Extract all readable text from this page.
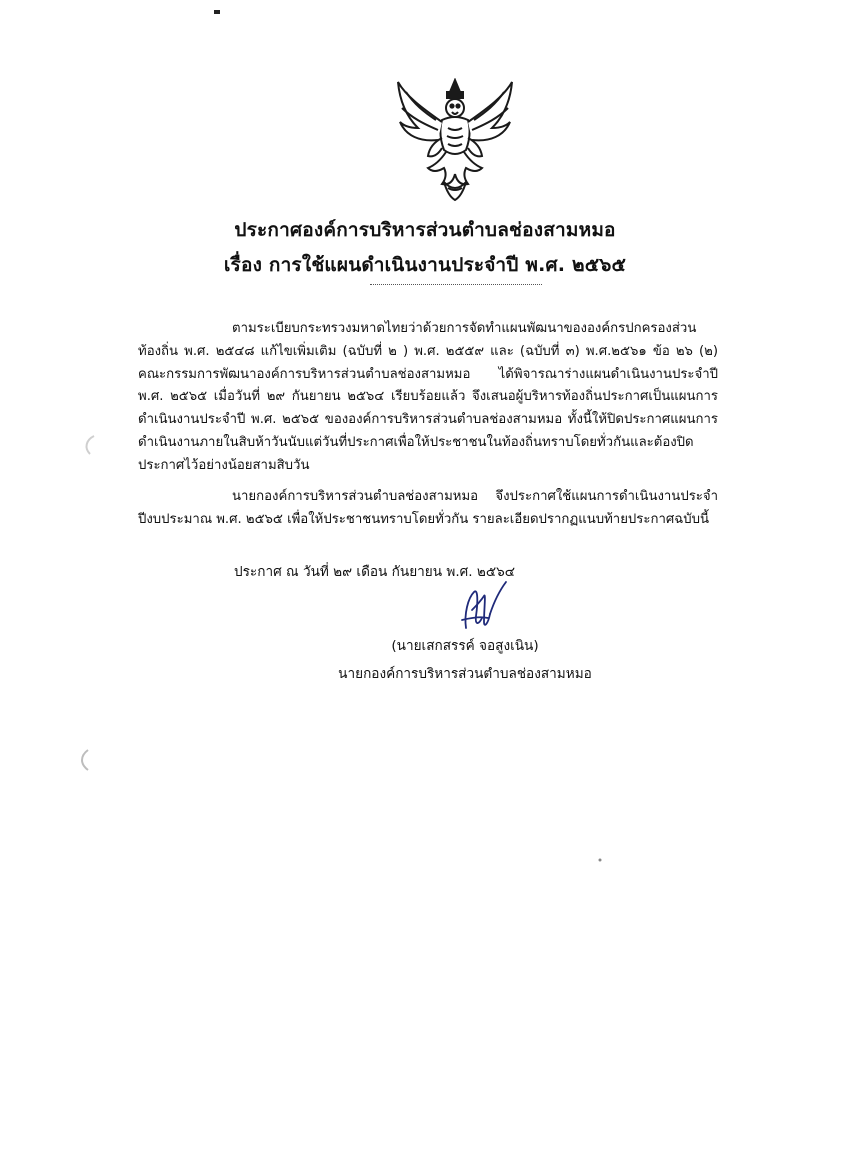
ประกาศองค์การบริหารส่วนตำบลช่องสามหมอ
เรื่อง การใช้แผนดำเนินงานประจำปี พ.ศ. ๒๕๖๕
ตามระเบียบกระทรวงมหาดไทยว่าด้วยการจัดทำแผนพัฒนาขององค์กรปกครองส่วนท้องถิ่น พ.ศ. ๒๕๔๘ แก้ไขเพิ่มเติม (ฉบับที่ ๒ ) พ.ศ. ๒๕๕๙ และ (ฉบับที่ ๓) พ.ศ.๒๕๖๑ ข้อ ๒๖ (๒) คณะกรรมการพัฒนาองค์การบริหารส่วนตำบลช่องสามหมอ ได้พิจารณาร่างแผนดำเนินงานประจำปี พ.ศ. ๒๕๖๕ เมื่อวันที่ ๒๙ กันยายน ๒๕๖๔ เรียบร้อยแล้ว จึงเสนอผู้บริหารท้องถิ่นประกาศเป็นแผนการดำเนินงานประจำปี พ.ศ. ๒๕๖๕ ขององค์การบริหารส่วนตำบลช่องสามหมอ ทั้งนี้ให้ปิดประกาศแผนการดำเนินงานภายในสิบห้าวันนับแต่วันที่ประกาศเพื่อให้ประชาชนในท้องถิ่นทราบโดยทั่วกันและต้องปิดประกาศไว้อย่างน้อยสามสิบวัน
นายกองค์การบริหารส่วนตำบลช่องสามหมอ จึงประกาศใช้แผนการดำเนินงานประจำปีงบประมาณ พ.ศ. ๒๕๖๕ เพื่อให้ประชาชนทราบโดยทั่วกัน รายละเอียดปรากฏแนบท้ายประกาศฉบับนี้
ประกาศ ณ วันที่ ๒๙ เดือน กันยายน พ.ศ. ๒๕๖๔
(นายเสกสรรค์ จอสูงเนิน)
นายกองค์การบริหารส่วนตำบลช่องสามหมอ
